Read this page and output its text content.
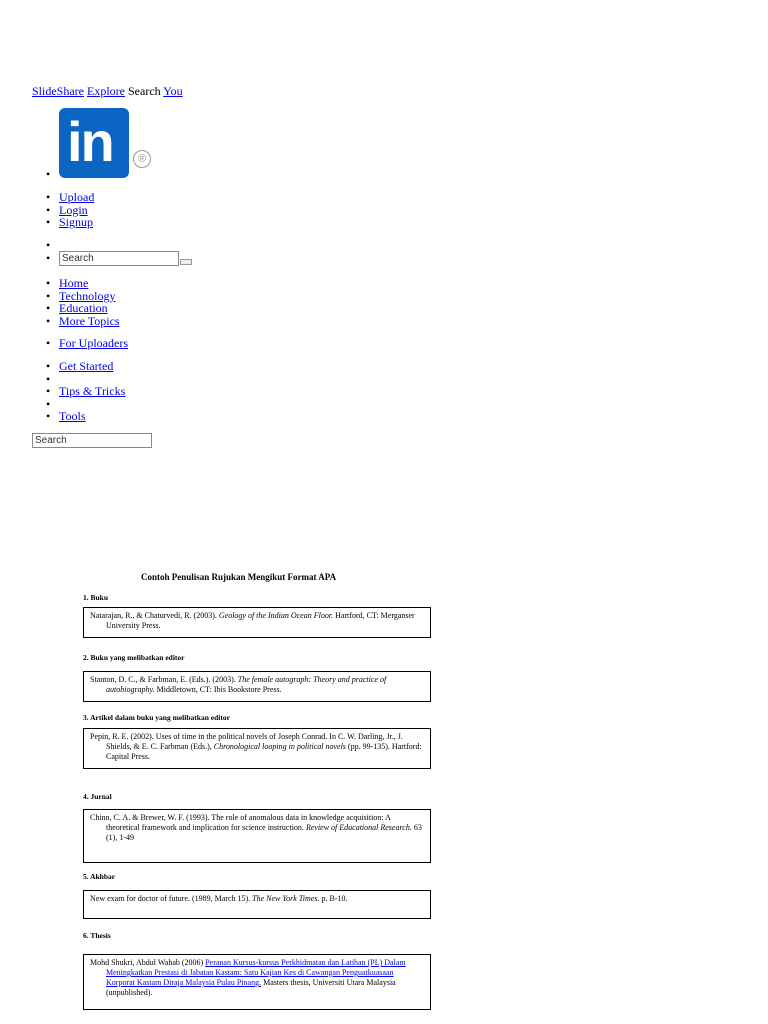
SlideShare Explore Search You
•
in	®
• Upload
• Login
• Signup
•
•
Search
• Home
• Technology
• Education
• More Topics
• For Uploaders
• Get Started
•
• Tips & Tricks
•
• Tools
Search
Contoh Penulisan Rujukan Mengikut Format APA
1. Buku
Natarajan, R., & Chaturvedi, R. (2003). Geology of the Indian Ocean Floor. Hartford, CT: Merganser University Press.
2. Buku yang melibatkan editor
Stanton, D. C., & Farbman, E. (Eds.). (2003). The female autograph: Theory and practice of autobiography. Middletown, CT: Ibis Bookstore Press.
3. Artikel dalam buku yang melibatkan editor
Pepin, R. E. (2002). Uses of time in the political novels of Joseph Conrad. In C. W. Darling, Jr., J. Shields, & E. C. Farbman (Eds.), Chronological looping in political novels (pp. 99-135). Hartford: Capital Press.
4. Jurnal
Chinn, C. A. & Brewer, W. F. (1993). The role of anomalous data in knowledge acquisition: A theoretical framework and implication for science instruction. Review of Educational Research. 63 (1), 1-49
5. Akhbar
New exam for doctor of future. (1989, March 15). The New York Times. p. B-10.
6. Thesis
Mohd Shukri, Abdul Wahab (2006) Peranan Kursus-kursus Perkhidmatan dan Latihan (PL) Dalam Meningkatkan Prestasi di Jabatan Kastam: Satu Kajian Kes di Cawangan Penguatkuasaan Korporat Kastam Diraja Malaysia Pulau Pinang. Masters thesis, Universiti Utara Malaysia (unpublished).
